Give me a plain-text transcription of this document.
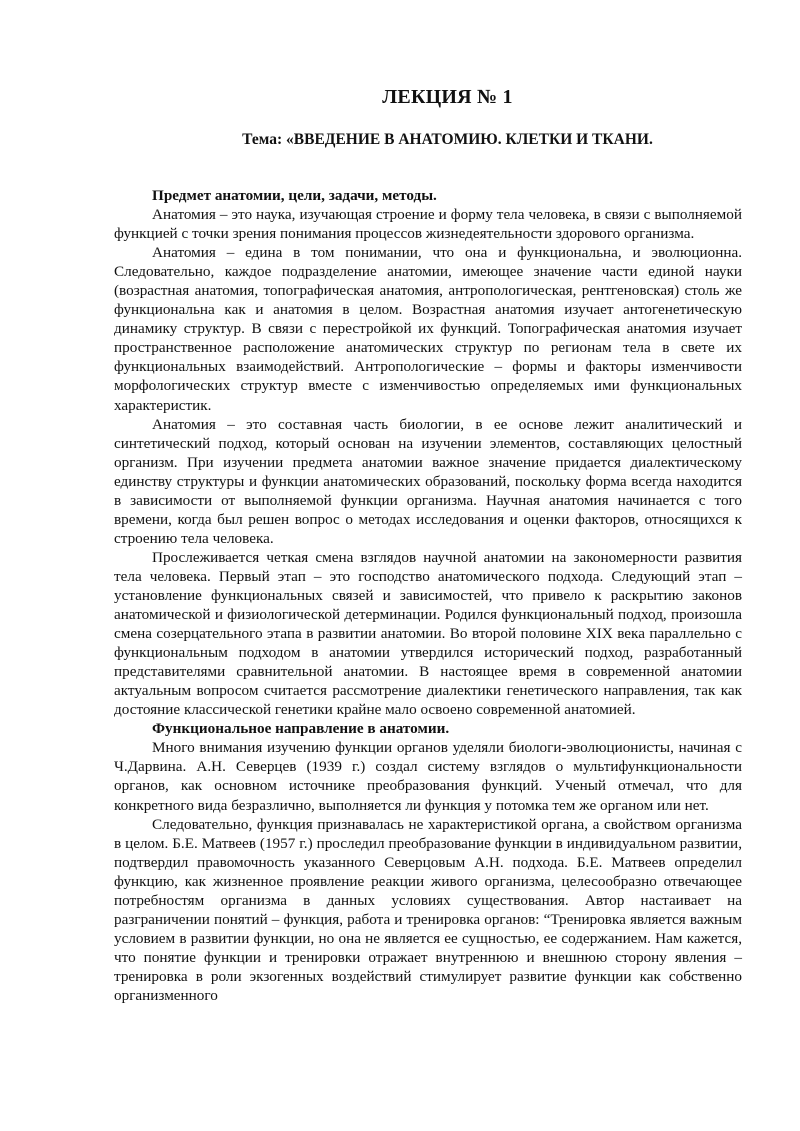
ЛЕКЦИЯ № 1
Тема: «ВВЕДЕНИЕ В АНАТОМИЮ. КЛЕТКИ И ТКАНИ.

Предмет анатомии, цели, задачи, методы.

Анатомия – это наука, изучающая строение и форму тела человека, в связи с выполняемой функцией с точки зрения понимания процессов жизнедеятельности здорового организма.

Анатомия – едина в том понимании, что она и функциональна, и эволюционна. Следовательно, каждое подразделение анатомии, имеющее значение части единой науки (возрастная анатомия, топографическая анатомия, антропологическая, рентгеновская) столь же функциональна как и анатомия в целом. Возрастная анатомия изучает антогенетическую динамику структур. В связи с перестройкой их функций. Топографическая анатомия изучает пространственное расположение анатомических структур по регионам тела в свете их функциональных взаимодействий. Антропологические – формы и факторы изменчивости морфологических структур вместе с изменчивостью определяемых ими функциональных характеристик.

Анатомия – это составная часть биологии, в ее основе лежит аналитический и синтетический подход, который основан на изучении элементов, составляющих целостный организм. При изучении предмета анатомии важное значение придается диалектическому единству структуры и функции анатомических образований, поскольку форма всегда находится в зависимости от выполняемой функции организма. Научная анатомия начинается с того времени, когда был решен вопрос о методах исследования и оценки факторов, относящихся к строению тела человека.

Прослеживается четкая смена взглядов научной анатомии на закономерности развития тела человека. Первый этап – это господство анатомического подхода. Следующий этап – установление функциональных связей и зависимостей, что привело к раскрытию законов анатомической и физиологической детерминации. Родился функциональный подход, произошла смена созерцательного этапа в развитии анатомии. Во второй половине XIX века параллельно с функциональным подходом в анатомии утвердился исторический подход, разработанный представителями сравнительной анатомии. В настоящее время в современной анатомии актуальным вопросом считается рассмотрение диалектики генетического направления, так как достояние классической генетики крайне мало освоено современной анатомией.

Функциональное направление в анатомии.

Много внимания изучению функции органов уделяли биологи-эволюционисты, начиная с Ч.Дарвина. А.Н. Северцев (1939 г.) создал систему взглядов о мультифункциональности органов, как основном источнике преобразования функций. Ученый отмечал, что для конкретного вида безразлично, выполняется ли функция у потомка тем же органом или нет.

Следовательно, функция признавалась не характеристикой органа, а свойством организма в целом. Б.Е. Матвеев (1957 г.) проследил преобразование функции в индивидуальном развитии, подтвердил правомочность указанного Северцовым А.Н. подхода. Б.Е. Матвеев определил функцию, как жизненное проявление реакции живого организма, целесообразно отвечающее потребностям организма в данных условиях существования. Автор настаивает на разграничении понятий – функция, работа и тренировка органов: “Тренировка является важным условием в развитии функции, но она не является ее сущностью, ее содержанием. Нам кажется, что понятие функции и тренировки отражает внутреннюю и внешнюю сторону явления – тренировка в роли экзогенных воздействий стимулирует развитие функции как собственно организменного
